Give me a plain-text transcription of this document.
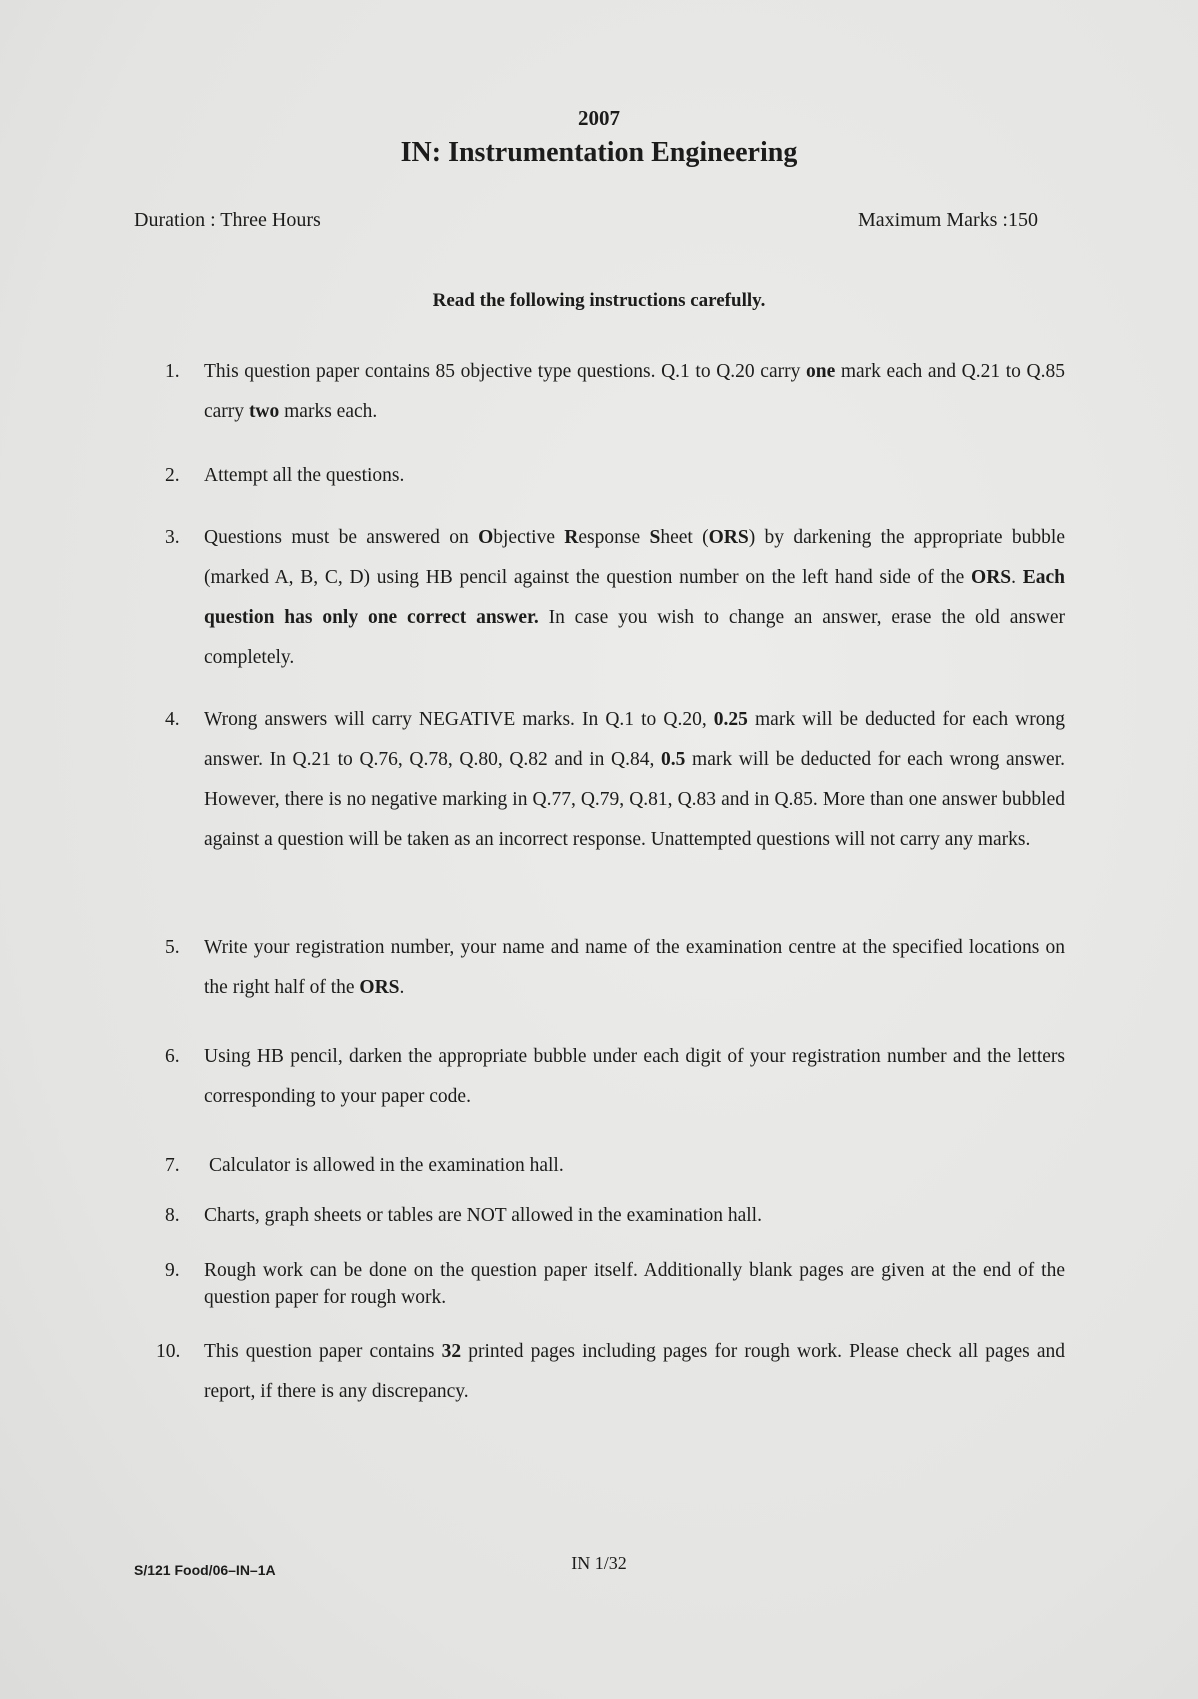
2007
IN: Instrumentation Engineering
Duration : Three Hours	Maximum Marks :150
Read the following instructions carefully.
1. This question paper contains 85 objective type questions. Q.1 to Q.20 carry one mark each and Q.21 to Q.85 carry two marks each.
2. Attempt all the questions.
3. Questions must be answered on Objective Response Sheet (ORS) by darkening the appropriate bubble (marked A, B, C, D) using HB pencil against the question number on the left hand side of the ORS. Each question has only one correct answer. In case you wish to change an answer, erase the old answer completely.
4. Wrong answers will carry NEGATIVE marks. In Q.1 to Q.20, 0.25 mark will be deducted for each wrong answer. In Q.21 to Q.76, Q.78, Q.80, Q.82 and in Q.84, 0.5 mark will be deducted for each wrong answer. However, there is no negative marking in Q.77, Q.79, Q.81, Q.83 and in Q.85. More than one answer bubbled against a question will be taken as an incorrect response. Unattempted questions will not carry any marks.
5. Write your registration number, your name and name of the examination centre at the specified locations on the right half of the ORS.
6. Using HB pencil, darken the appropriate bubble under each digit of your registration number and the letters corresponding to your paper code.
7. Calculator is allowed in the examination hall.
8. Charts, graph sheets or tables are NOT allowed in the examination hall.
9. Rough work can be done on the question paper itself. Additionally blank pages are given at the end of the question paper for rough work.
10. This question paper contains 32 printed pages including pages for rough work. Please check all pages and report, if there is any discrepancy.
S/121 Food/06–IN–1A	IN 1/32
